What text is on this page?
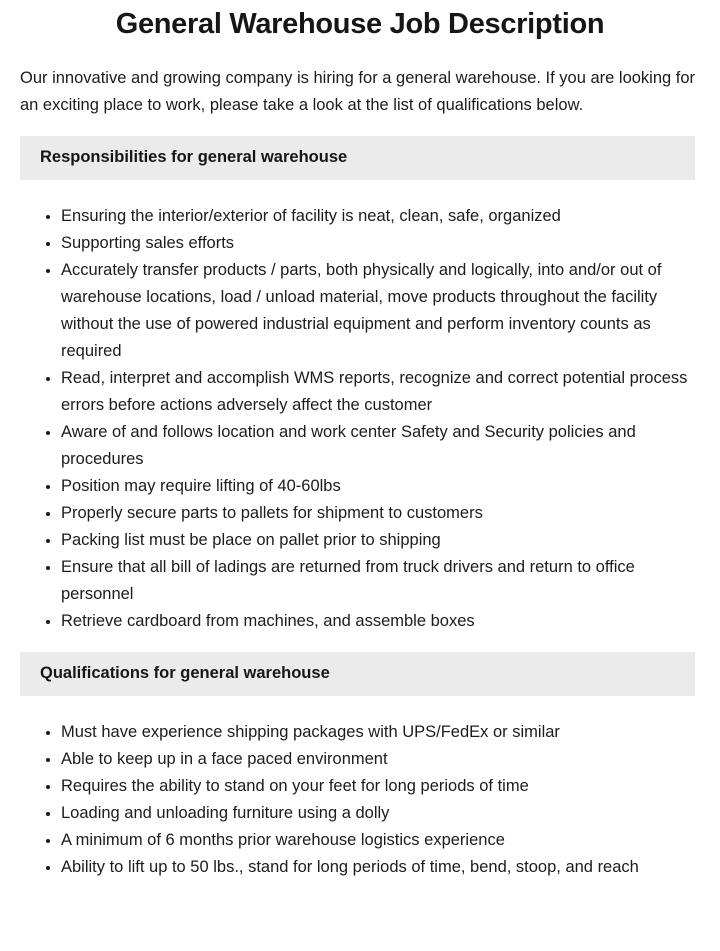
General Warehouse Job Description

Our innovative and growing company is hiring for a general warehouse. If you are looking for an exciting place to work, please take a look at the list of qualifications below.

Responsibilities for general warehouse
• Ensuring the interior/exterior of facility is neat, clean, safe, organized
• Supporting sales efforts
• Accurately transfer products / parts, both physically and logically, into and/or out of warehouse locations, load / unload material, move products throughout the facility without the use of powered industrial equipment and perform inventory counts as required
• Read, interpret and accomplish WMS reports, recognize and correct potential process errors before actions adversely affect the customer
• Aware of and follows location and work center Safety and Security policies and procedures
• Position may require lifting of 40-60lbs
• Properly secure parts to pallets for shipment to customers
• Packing list must be place on pallet prior to shipping
• Ensure that all bill of ladings are returned from truck drivers and return to office personnel
• Retrieve cardboard from machines, and assemble boxes
Qualifications for general warehouse
• Must have experience shipping packages with UPS/FedEx or similar
• Able to keep up in a face paced environment
• Requires the ability to stand on your feet for long periods of time
• Loading and unloading furniture using a dolly
• A minimum of 6 months prior warehouse logistics experience
• Ability to lift up to 50 lbs., stand for long periods of time, bend, stoop, and reach
